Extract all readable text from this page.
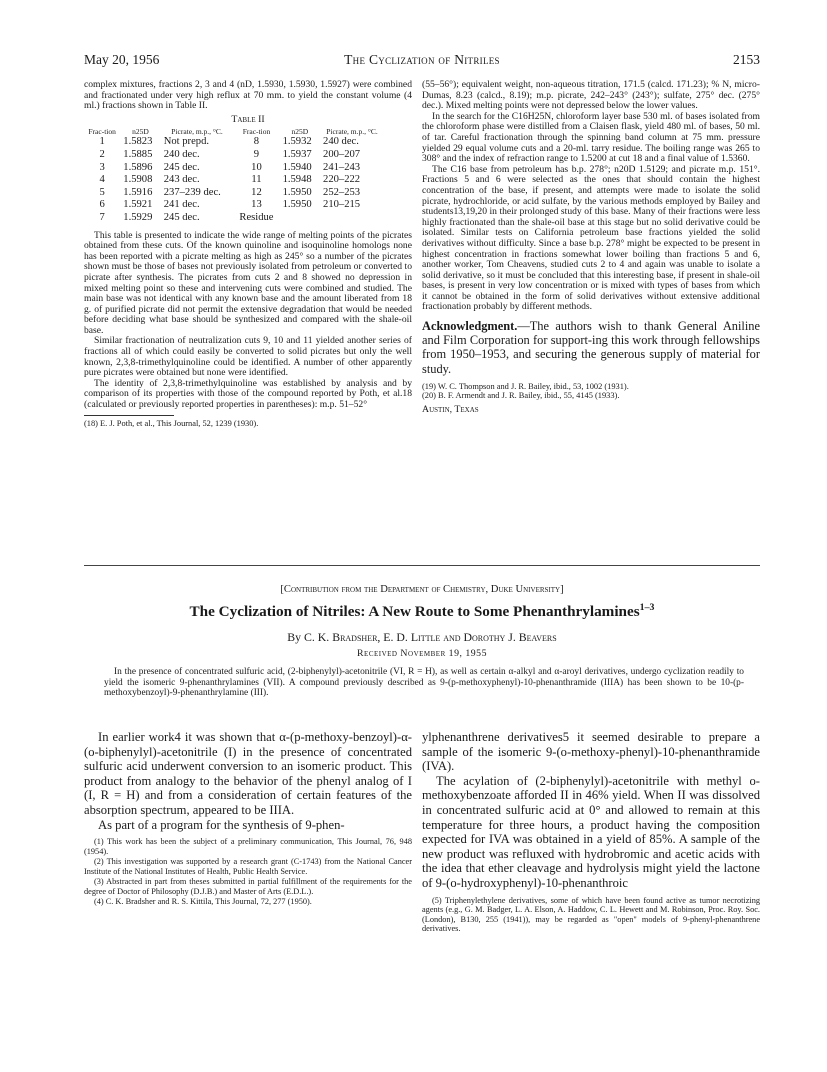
May 20, 1956	The Cyclization of Nitriles	2153

complex mixtures, fractions 2, 3 and 4 (nD, 1.5930, 1.5930, 1.5927) were combined and fractionated under very high reflux at 70 mm. to yield the constant volume (4 ml.) fractions shown in Table II.

Table II
Frac-tion	n25D	Picrate, m.p., °C.	Frac-tion	n25D	Picrate, m.p., °C.
1	1.5823	Not prepd.	8	1.5932	240 dec.
2	1.5885	240 dec.	9	1.5937	200–207
3	1.5896	245 dec.	10	1.5940	241–243
4	1.5908	243 dec.	11	1.5948	220–222
5	1.5916	237–239 dec.	12	1.5950	252–253
6	1.5921	241 dec.	13	1.5950	210–215
7	1.5929	245 dec.	Residue		

This table is presented to indicate the wide range of melting points of the picrates obtained from these cuts. Of the known quinoline and isoquinoline homologs none has been reported with a picrate melting as high as 245° so a number of the picrates shown must be those of bases not previously isolated from petroleum or converted to picrate after synthesis. The picrates from cuts 2 and 8 showed no depression in mixed melting point so these and intervening cuts were combined and studied. The main base was not identical with any known base and the amount liberated from 18 g. of purified picrate did not permit the extensive degradation that would be needed before deciding what base should be synthesized and compared with the shale-oil base.

Similar fractionation of neutralization cuts 9, 10 and 11 yielded another series of fractions all of which could easily be converted to solid picrates but only the well known, 2,3,8-trimethylquinoline could be identified. A number of other apparently pure picrates were obtained but none were identified.

The identity of 2,3,8-trimethylquinoline was established by analysis and by comparison of its properties with those of the compound reported by Poth, et al.18 (calculated or previously reported properties in parentheses): m.p. 51–52°

(18) E. J. Poth, et al., This Journal, 52, 1239 (1930).

(55–56°); equivalent weight, non-aqueous titration, 171.5 (calcd. 171.23); % N, micro-Dumas, 8.23 (calcd., 8.19); m.p. picrate, 242–243° (243°); sulfate, 275° dec. (275° dec.). Mixed melting points were not depressed below the lower values.

In the search for the C16H25N, chloroform layer base 530 ml. of bases isolated from the chloroform phase were distilled from a Claisen flask, yield 480 ml. of bases, 50 ml. of tar. Careful fractionation through the spinning band column at 75 mm. pressure yielded 29 equal volume cuts and a 20-ml. tarry residue. The boiling range was 265 to 308° and the index of refraction range to 1.5200 at cut 18 and a final value of 1.5360.

The C16 base from petroleum has b.p. 278°; n20D 1.5129; and picrate m.p. 151°. Fractions 5 and 6 were selected as the ones that should contain the highest concentration of the base, if present, and attempts were made to isolate the solid picrate, hydrochloride, or acid sulfate, by the various methods employed by Bailey and students13,19,20 in their prolonged study of this base. Many of their fractions were less highly fractionated than the shale-oil base at this stage but no solid derivative could be isolated. Similar tests on California petroleum base fractions yielded the solid derivatives without difficulty. Since a base b.p. 278° might be expected to be present in highest concentration in fractions somewhat lower boiling than fractions 5 and 6, another worker, Tom Cheavens, studied cuts 2 to 4 and again was unable to isolate a solid derivative, so it must be concluded that this interesting base, if present in shale-oil bases, is present in very low concentration or is mixed with types of bases from which it cannot be obtained in the form of solid derivatives without extensive additional fractionation probably by different methods.

Acknowledgment.—The authors wish to thank General Aniline and Film Corporation for support-ing this work through fellowships from 1950–1953, and securing the generous supply of material for study.
(19) W. C. Thompson and J. R. Bailey, ibid., 53, 1002 (1931).
(20) B. F. Armendt and J. R. Bailey, ibid., 55, 4145 (1933).
Austin, Texas
[Contribution from the Department of Chemistry, Duke University]
The Cyclization of Nitriles: A New Route to Some Phenanthrylamines$^{1-3}$
By C. K. Bradsher, E. D. Little and Dorothy J. Beavers
Received November 19, 1955
In the presence of concentrated sulfuric acid, (2-biphenylyl)-acetonitrile (VI, R = H), as well as certain α-alkyl and α-aroyl derivatives, undergo cyclization readily to yield the isomeric 9-phenanthrylamines (VII). A compound previously described as 9-(p-methoxyphenyl)-10-phenanthramide (IIIA) has been shown to be 10-(p-methoxybenzoyl)-9-phenanthrylamine (III).

In earlier work4 it was shown that α-(p-methoxy-benzoyl)-α-(o-biphenylyl)-acetonitrile (I) in the presence of concentrated sulfuric acid underwent conversion to an isomeric product. This product from analogy to the behavior of the phenyl analog of I (I, R = H) and from a consideration of certain features of the absorption spectrum, appeared to be IIIA.

As part of a program for the synthesis of 9-phen-

(1) This work has been the subject of a preliminary communication, This Journal, 76, 948 (1954).

(2) This investigation was supported by a research grant (C-1743) from the National Cancer Institute of the National Institutes of Health, Public Health Service.

(3) Abstracted in part from theses submitted in partial fulfillment of the requirements for the degree of Doctor of Philosophy (D.J.B.) and Master of Arts (E.D.L.).

(4) C. K. Bradsher and R. S. Kittila, This Journal, 72, 277 (1950).

ylphenanthrene derivatives5 it seemed desirable to prepare a sample of the isomeric 9-(o-methoxy-phenyl)-10-phenanthramide (IVA).

The acylation of (2-biphenylyl)-acetonitrile with methyl o-methoxybenzoate afforded II in 46% yield. When II was dissolved in concentrated sulfuric acid at 0° and allowed to remain at this temperature for three hours, a product having the composition expected for IVA was obtained in a yield of 85%. A sample of the new product was refluxed with hydrobromic and acetic acids with the idea that ether cleavage and hydrolysis might yield the lactone of 9-(o-hydroxyphenyl)-10-phenanthroic

(5) Triphenylethylene derivatives, some of which have been found active as tumor necrotizing agents (e.g., G. M. Badger, L. A. Elson, A. Haddow, C. L. Hewett and M. Robinson, Proc. Roy. Soc. (London), B130, 255 (1941)), may be regarded as "open" models of 9-phenyl-phenanthrene derivatives.
